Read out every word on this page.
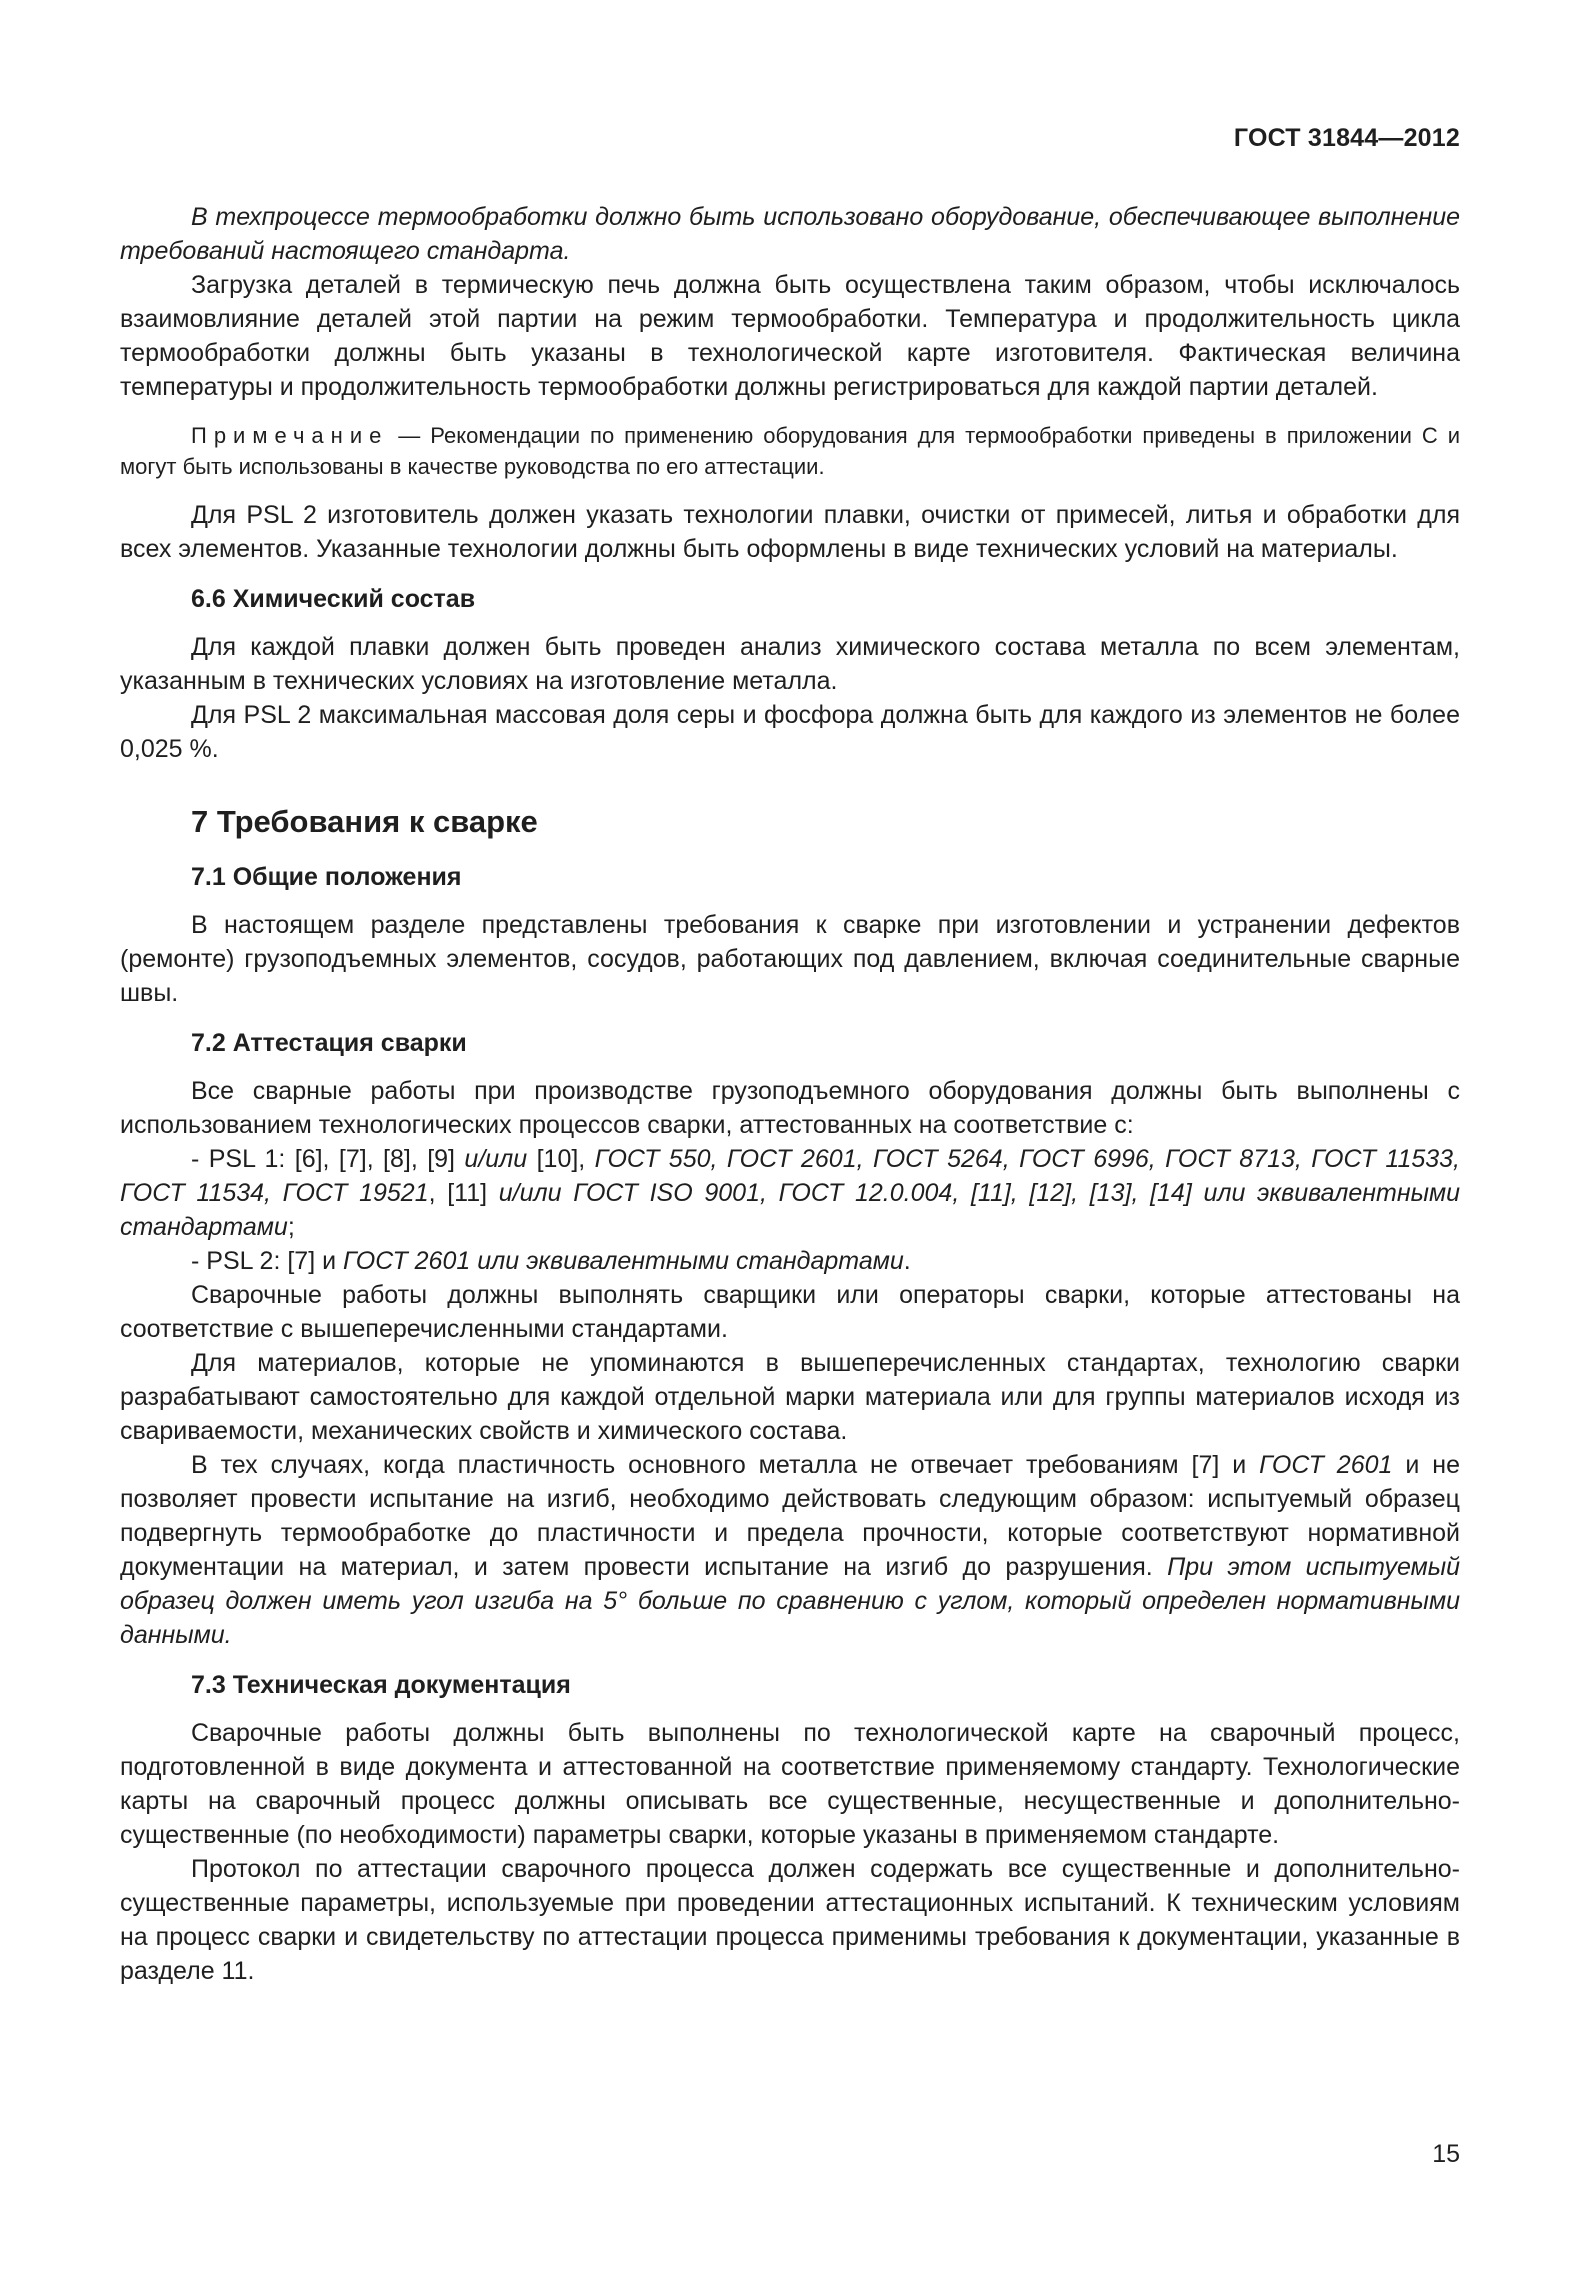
ГОСТ 31844—2012

В техпроцессе термообработки должно быть использовано оборудование, обеспечивающее выполнение требований настоящего стандарта.

Загрузка деталей в термическую печь должна быть осуществлена таким образом, чтобы исключалось взаимовлияние деталей этой партии на режим термообработки. Температура и продолжительность цикла термообработки должны быть указаны в технологической карте изготовителя. Фактическая величина температуры и продолжительность термообработки должны регистрироваться для каждой партии деталей.

Примечание — Рекомендации по применению оборудования для термообработки приведены в приложении С и могут быть использованы в качестве руководства по его аттестации.

Для PSL 2 изготовитель должен указать технологии плавки, очистки от примесей, литья и обработки для всех элементов. Указанные технологии должны быть оформлены в виде технических условий на материалы.

6.6 Химический состав

Для каждой плавки должен быть проведен анализ химического состава металла по всем элементам, указанным в технических условиях на изготовление металла.

Для PSL 2 максимальная массовая доля серы и фосфора должна быть для каждого из элементов не более 0,025 %.

7 Требования к сварке

7.1 Общие положения

В настоящем разделе представлены требования к сварке при изготовлении и устранении дефектов (ремонте) грузоподъемных элементов, сосудов, работающих под давлением, включая соединительные сварные швы.

7.2 Аттестация сварки

Все сварные работы при производстве грузоподъемного оборудования должны быть выполнены с использованием технологических процессов сварки, аттестованных на соответствие с:

- PSL 1: [6], [7], [8], [9] и/или [10], ГОСТ 550, ГОСТ 2601, ГОСТ 5264, ГОСТ 6996, ГОСТ 8713, ГОСТ 11533, ГОСТ 11534, ГОСТ 19521, [11] и/или ГОСТ ISO 9001, ГОСТ 12.0.004, [11], [12], [13], [14] или эквивалентными стандартами;

- PSL 2: [7] и ГОСТ 2601 или эквивалентными стандартами.

Сварочные работы должны выполнять сварщики или операторы сварки, которые аттестованы на соответствие с вышеперечисленными стандартами.

Для материалов, которые не упоминаются в вышеперечисленных стандартах, технологию сварки разрабатывают самостоятельно для каждой отдельной марки материала или для группы материалов исходя из свариваемости, механических свойств и химического состава.

В тех случаях, когда пластичность основного металла не отвечает требованиям [7] и ГОСТ 2601 и не позволяет провести испытание на изгиб, необходимо действовать следующим образом: испытуемый образец подвергнуть термообработке до пластичности и предела прочности, которые соответствуют нормативной документации на материал, и затем провести испытание на изгиб до разрушения. При этом испытуемый образец должен иметь угол изгиба на 5° больше по сравнению с углом, который определен нормативными данными.

7.3 Техническая документация

Сварочные работы должны быть выполнены по технологической карте на сварочный процесс, подготовленной в виде документа и аттестованной на соответствие применяемому стандарту. Технологические карты на сварочный процесс должны описывать все существенные, несущественные и дополнительно-существенные (по необходимости) параметры сварки, которые указаны в применяемом стандарте.

Протокол по аттестации сварочного процесса должен содержать все существенные и дополнительно-существенные параметры, используемые при проведении аттестационных испытаний. К техническим условиям на процесс сварки и свидетельству по аттестации процесса применимы требования к документации, указанные в разделе 11.

15
